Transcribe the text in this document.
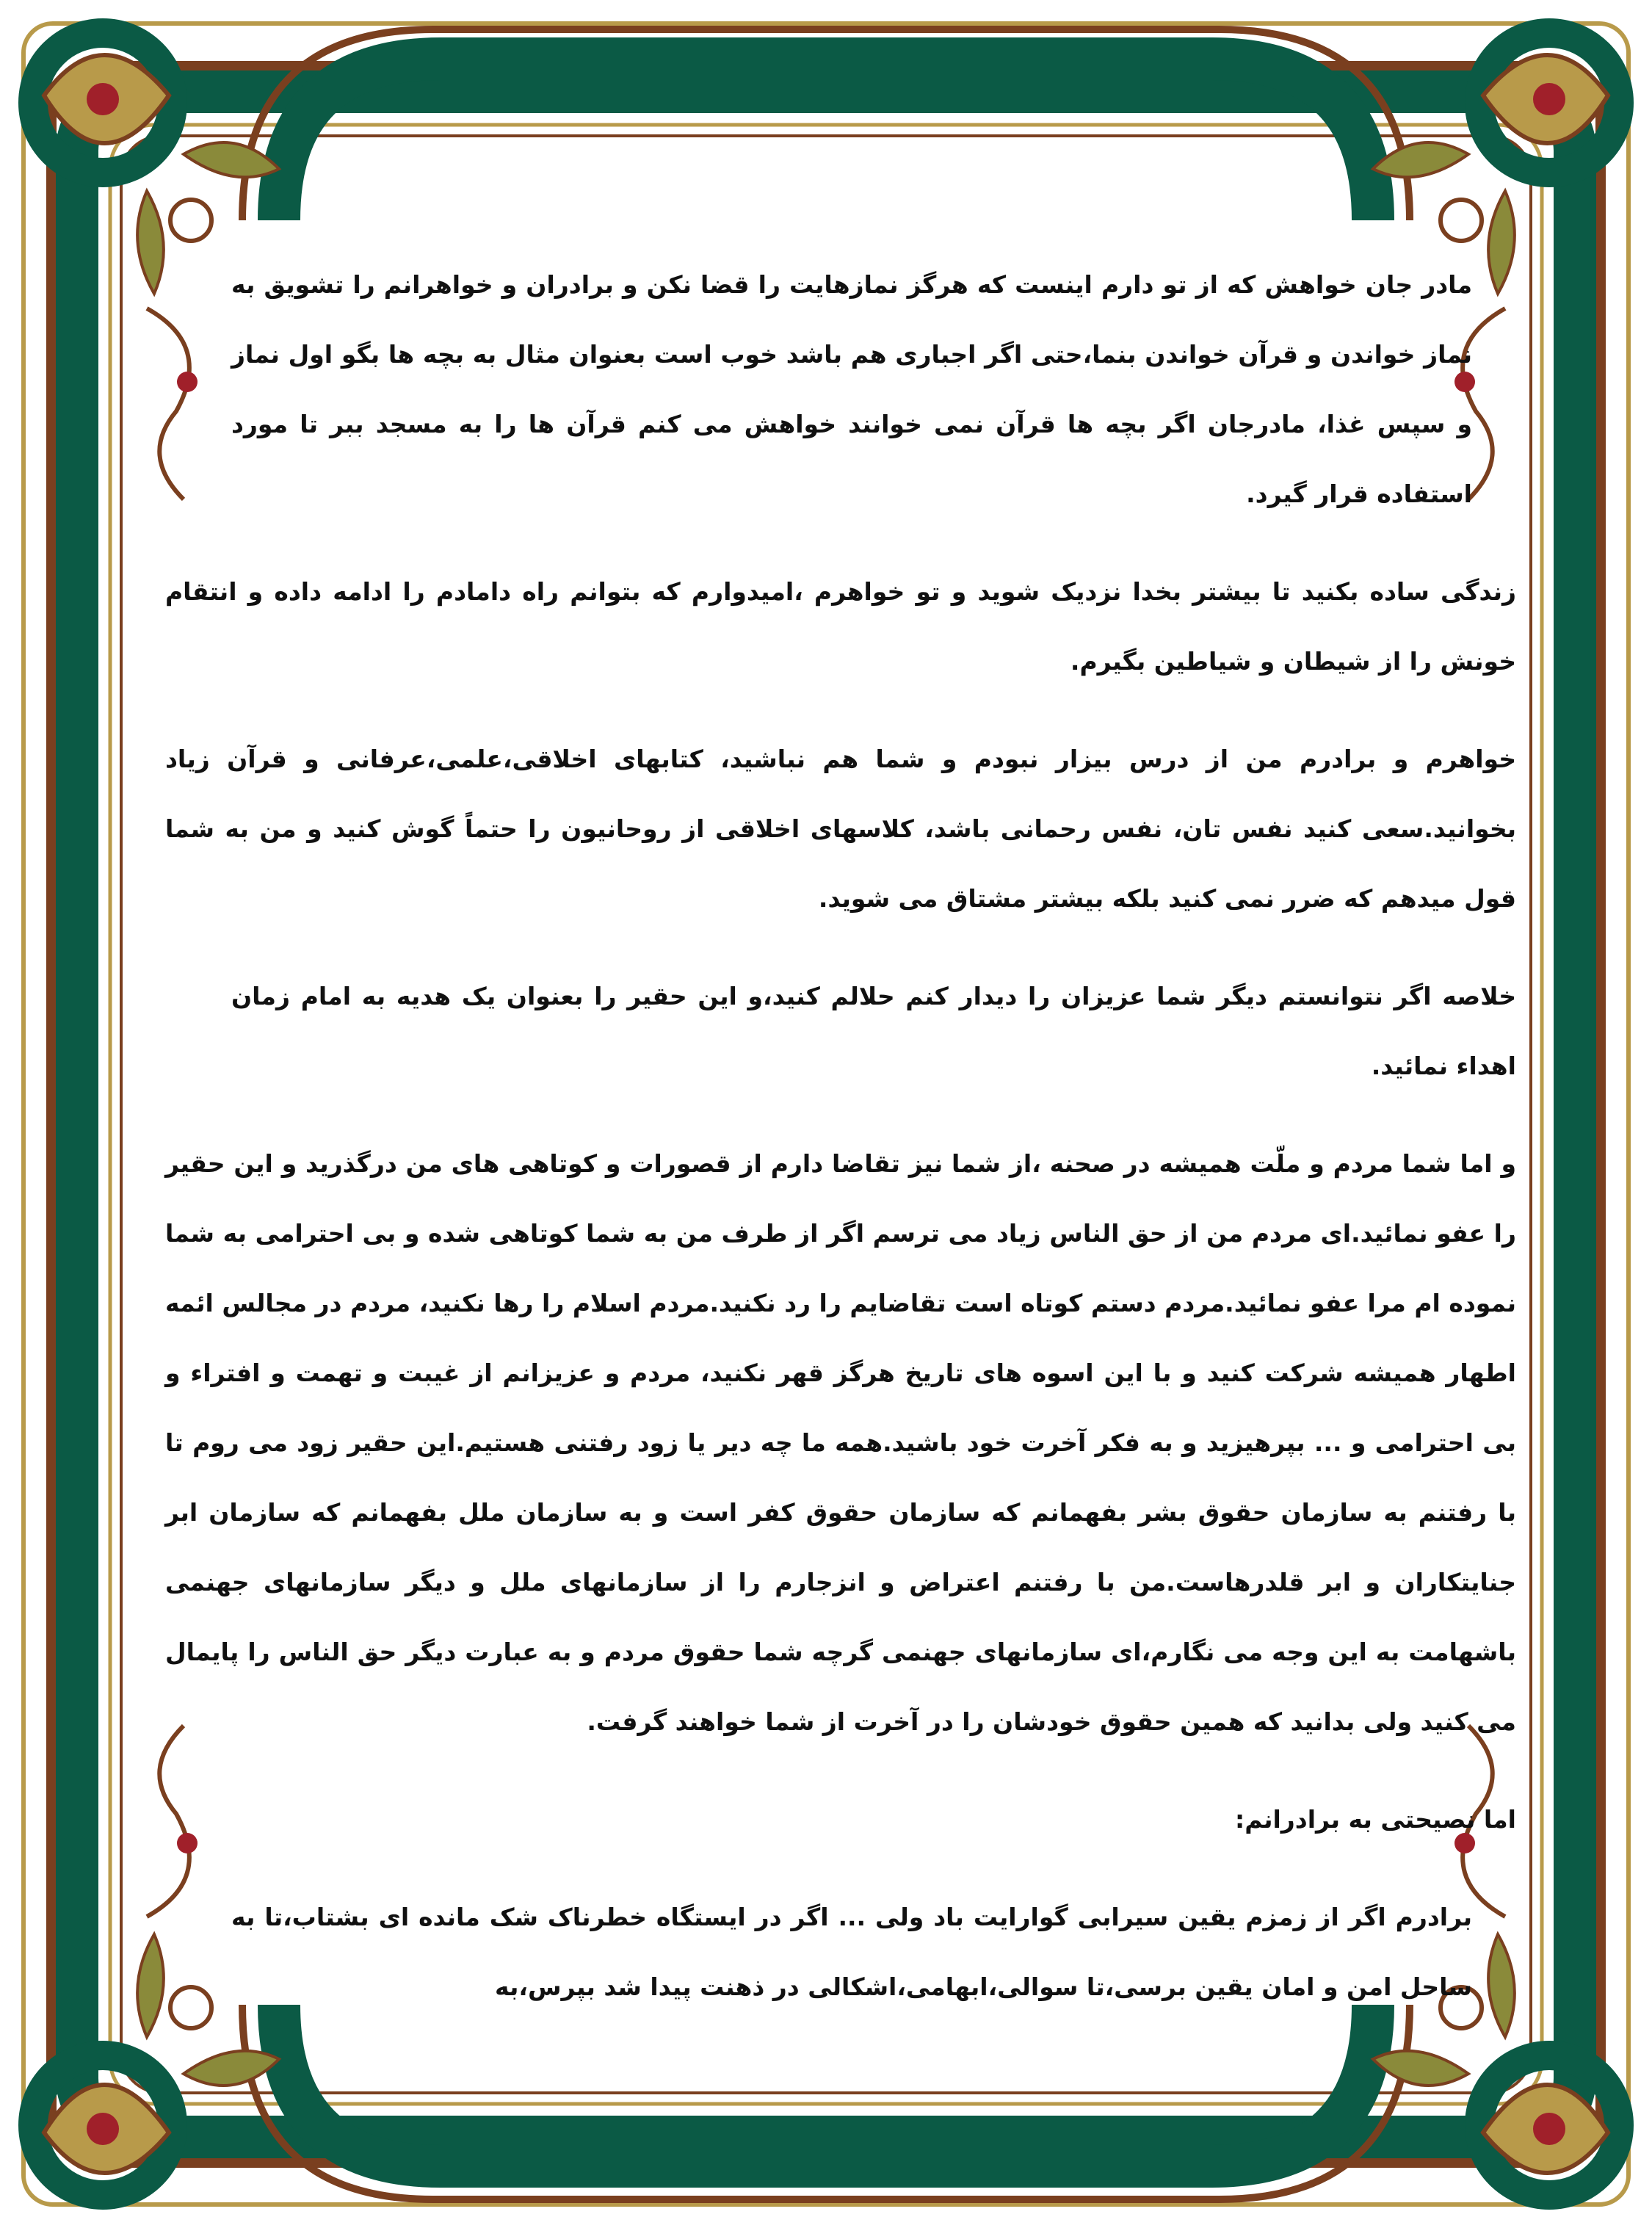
مادر جان خواهش که از تو دارم اینست که هرگز نمازهایت را قضا نکن و برادران و خواهرانم را تشویق به نماز خواندن و قرآن خواندن بنما،حتی اگر اجباری هم باشد خوب است بعنوان مثال به بچه ها بگو اول نماز و سپس غذا، مادرجان اگر بچه ها قرآن نمی خوانند خواهش می کنم قرآن ها را به مسجد ببر تا مورد استفاده قرار گیرد.

زندگی ساده بکنید تا بیشتر بخدا نزدیک شوید و تو خواهرم ،امیدوارم که بتوانم راه دامادم را ادامه داده و انتقام خونش را از شیطان و شیاطین بگیرم.

خواهرم و برادرم من از درس بیزار نبودم و شما هم نباشید، کتابهای اخلاقی،علمی،عرفانی و قرآن زیاد بخوانید.سعی کنید نفس تان، نفس رحمانی باشد، کلاسهای اخلاقی از روحانیون را حتماً گوش کنید و من به شما قول میدهم که ضرر نمی کنید بلکه بیشتر مشتاق می شوید.

خلاصه اگر نتوانستم دیگر شما عزیزان را دیدار کنم حلالم کنید،و این حقیر را بعنوان یک هدیه به امام زمان اهداء نمائید.

و اما شما مردم و ملّت همیشه در صحنه ،از شما نیز تقاضا دارم از قصورات و کوتاهی های من درگذرید و این حقیر را عفو نمائید.ای مردم من از حق الناس زیاد می ترسم اگر از طرف من به شما کوتاهی شده و بی احترامی به شما نموده ام مرا عفو نمائید.مردم دستم کوتاه است تقاضایم را رد نکنید.مردم اسلام را رها نکنید، مردم در مجالس ائمه اطهار همیشه شرکت کنید و با این اسوه های تاریخ هرگز قهر نکنید، مردم و عزیزانم از غیبت و تهمت و افتراء و بی احترامی و ... بپرهیزید و به فکر آخرت خود باشید.همه ما چه دیر یا زود رفتنی هستیم.این حقیر زود می روم تا با رفتنم به سازمان حقوق بشر بفهمانم که سازمان حقوق کفر است و به سازمان ملل بفهمانم که سازمان ابر جنایتکاران و ابر قلدرهاست.من با رفتنم اعتراض و انزجارم را از سازمانهای ملل و دیگر سازمانهای جهنمی باشهامت به این وجه می نگارم،ای سازمانهای جهنمی گرچه شما حقوق مردم و به عبارت دیگر حق الناس را پایمال می کنید ولی بدانید که همین حقوق خودشان را در آخرت از شما خواهند گرفت.

اما نصیحتی به برادرانم:

برادرم اگر از زمزم یقین سیرابی گوارایت باد ولی ... اگر در ایستگاه خطرناک شک مانده ای بشتاب،تا به ساحل امن و امان یقین برسی،تا سوالی،ابهامی،اشکالی در ذهنت پیدا شد بپرس،به
